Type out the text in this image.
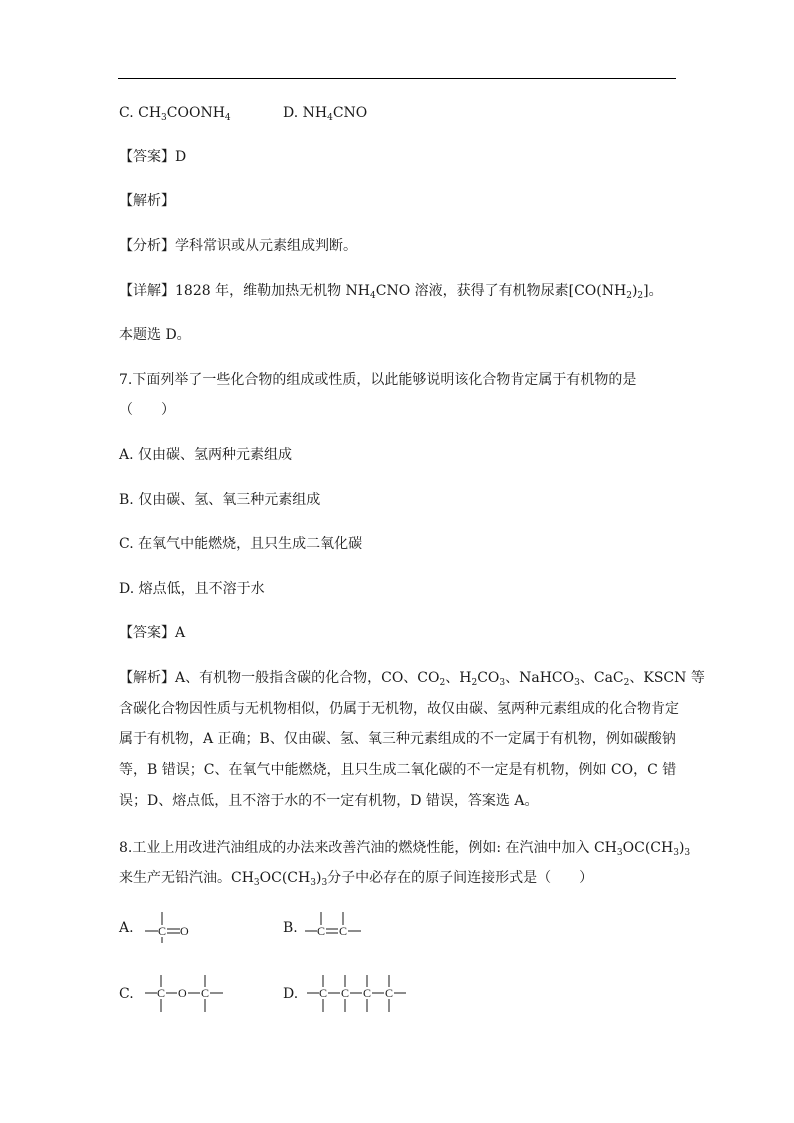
C. $CH_3COONH_4$	D. $NH_4CNO$
【答案】D
【解析】
【分析】学科常识或从元素组成判断。
【详解】1828 年，维勒加热无机物 $NH_4CNO$ 溶液，获得了有机物尿素$[CO(NH_2)_2]$。
本题选 D。
7.下面列举了一些化合物的组成或性质，以此能够说明该化合物肯定属于有机物的是
（　　）
A. 仅由碳、氢两种元素组成
B. 仅由碳、氢、氧三种元素组成
C. 在氧气中能燃烧，且只生成二氧化碳
D. 熔点低，且不溶于水
【答案】A
【解析】A、有机物一般指含碳的化合物，CO、$CO_2$、$H_2CO_3$、NaHCO$_3$、CaC$_2$、KSCN 等
含碳化合物因性质与无机物相似，仍属于无机物，故仅由碳、氢两种元素组成的化合物肯定
属于有机物，A 正确；B、仅由碳、氢、氧三种元素组成的不一定属于有机物，例如碳酸钠
等，B 错误；C、在氧气中能燃烧，且只生成二氧化碳的不一定是有机物，例如 CO，C 错
误；D、熔点低，且不溶于水的不一定有机物，D 错误，答案选 A。
8.工业上用改进汽油组成的办法来改善汽油的燃烧性能，例如: 在汽油中加入 $CH_3OC(CH_3)_3$
来生产无铅汽油。$CH_3OC(CH_3)_3$分子中必存在的原子间连接形式是（　　）
A. C O	B. C C
C. C O C	D. C C C C
